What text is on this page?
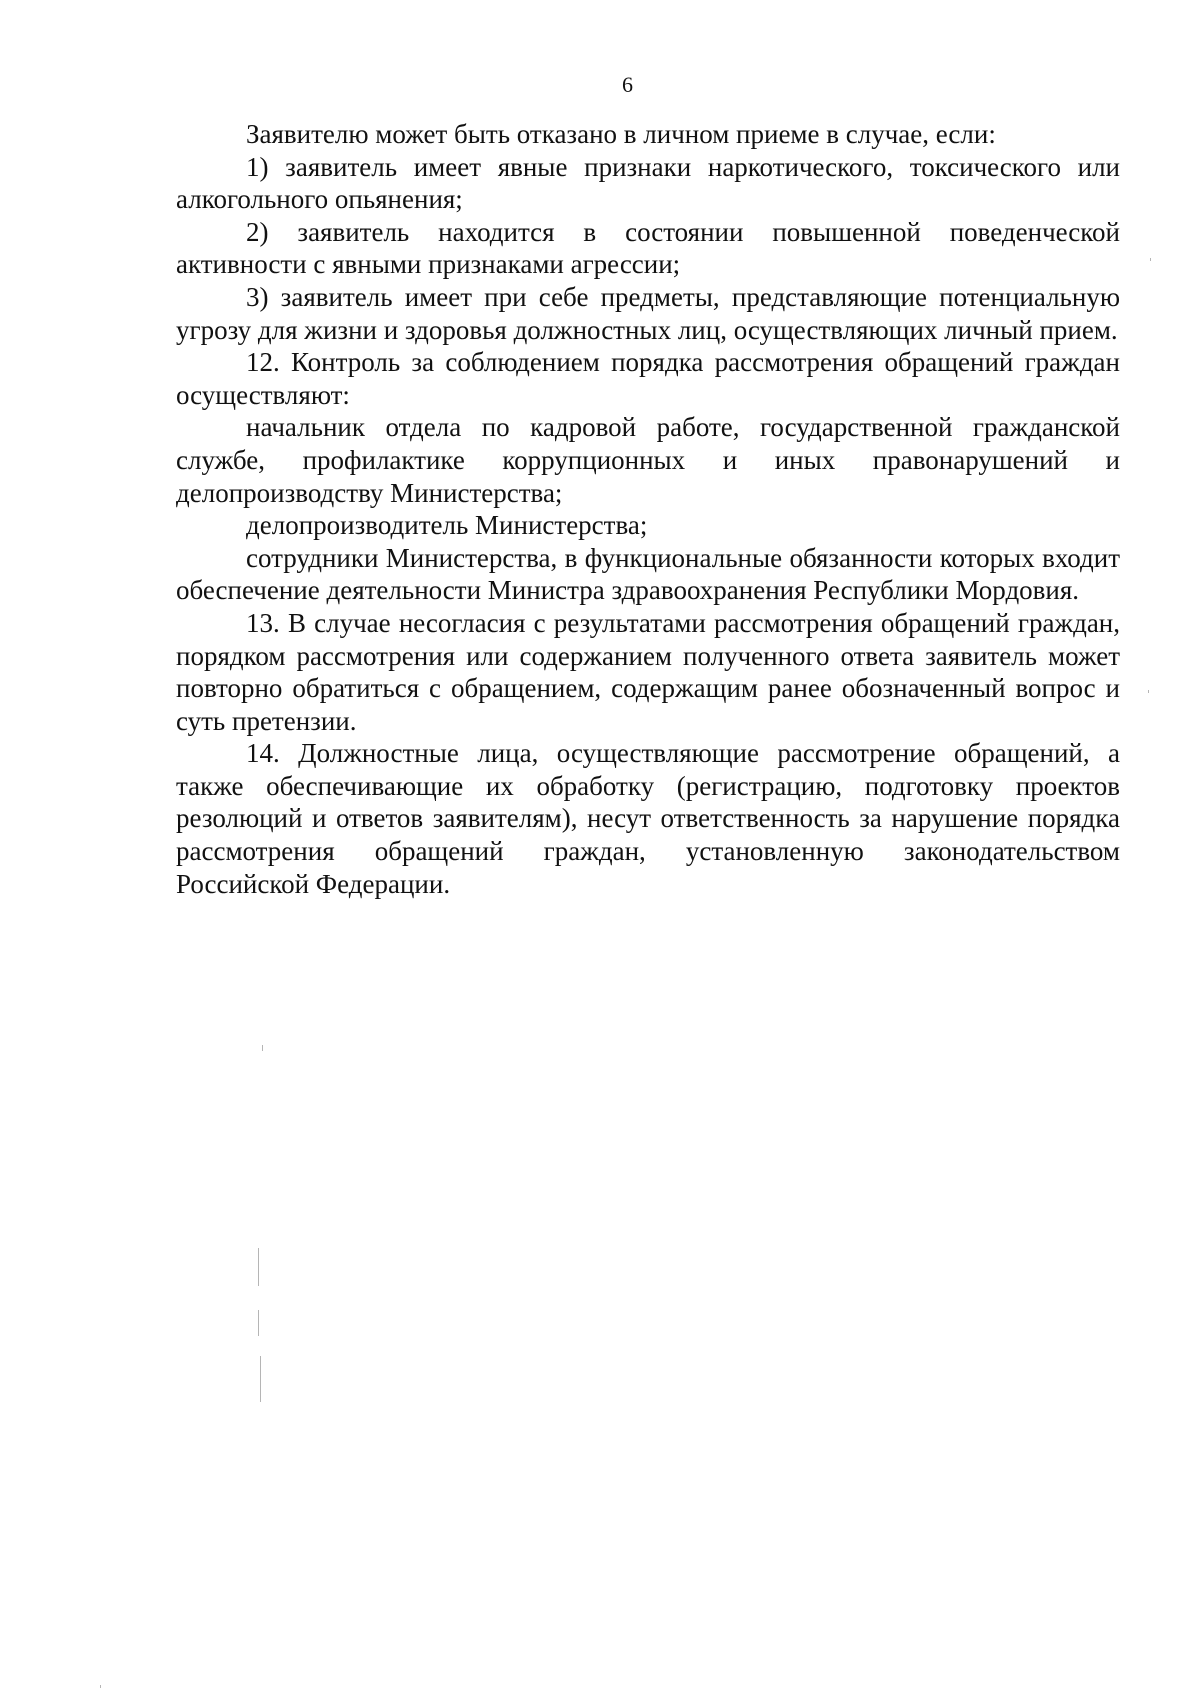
6

Заявителю может быть отказано в личном приеме в случае, если:

1) заявитель имеет явные признаки наркотического, токсического или алкогольного опьянения;

2) заявитель находится в состоянии повышенной поведенческой активности с явными признаками агрессии;

3) заявитель имеет при себе предметы, представляющие потенциальную угрозу для жизни и здоровья должностных лиц, осуществляющих личный прием.

12. Контроль за соблюдением порядка рассмотрения обращений граждан осуществляют:

начальник отдела по кадровой работе, государственной гражданской службе, профилактике коррупционных и иных правонарушений и делопроизводству Министерства;

делопроизводитель Министерства;

сотрудники Министерства, в функциональные обязанности которых входит обеспечение деятельности Министра здравоохранения Республики Мордовия.

13. В случае несогласия с результатами рассмотрения обращений граждан, порядком рассмотрения или содержанием полученного ответа заявитель может повторно обратиться с обращением, содержащим ранее обозначенный вопрос и суть претензии.

14. Должностные лица, осуществляющие рассмотрение обращений, а также обеспечивающие их обработку (регистрацию, подготовку проектов резолюций и ответов заявителям), несут ответственность за нарушение порядка рассмотрения обращений граждан, установленную законодательством Российской Федерации.
